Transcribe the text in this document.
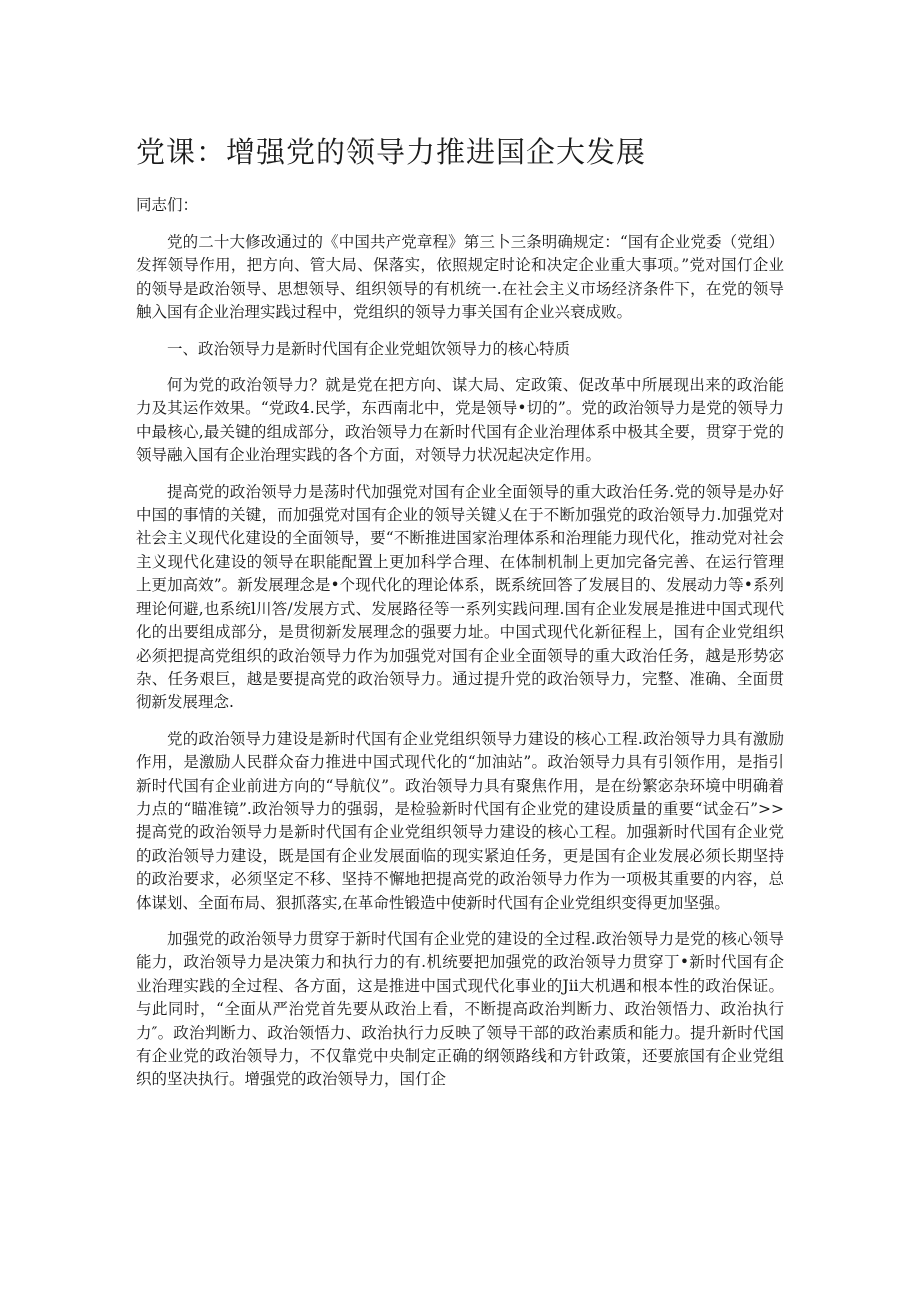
党课：增强党的领导力推进国企大发展

同志们：

党的二十大修改通过的《中国共产党章程》第三卜三条明确规定：“国有企业党委（党组）发挥领导作用，把方向、管大局、保落实，依照规定时论和决定企业重大事项。”党对国仃企业的领导是政治领导、思想领导、组织领导的有机统一.在社会主义市场经济条件下，在党的领导触入国有企业治理实践过程中，党组织的领导力事关国有企业兴衰成败。

一、政治领导力是新时代国有企业党蛆饮领导力的核心特质

何为党的政治领导力？就是党在把方向、谋大局、定政策、促改革中所展现出来的政治能力及其运作效果。“党政4.民学，东西南北中，党是领导•切的”。党的政治领导力是党的领导力中最核心,最关键的组成部分，政治领导力在新时代国有企业治理体系中极其全要，贯穿于党的领导融入国有企业治理实践的各个方面，对领导力状况起决定作用。

提高党的政治领导力是荡时代加强党对国有企业全面领导的重大政治任务.党的领导是办好中国的事情的关键，而加强党对国有企业的领导关键乂在于不断加强党的政治领导力.加强党对社会主义现代化建设的全面领导，要“不断推进国家治理体系和治理能力现代化，推动党对社会主义现代化建设的领导在职能配置上更加科学合理、在体制机制上更加完备完善、在运行管理上更加高效”。新发展理念是•个现代化的理论体系，既系统回答了发展目的、发展动力等•系列理论何避,也系统l川答/发展方式、发展路径等一系列实践问理.国有企业发展是推进中国式现代化的出要组成部分，是贯彻新发展理念的强要力址。中国式现代化新征程上，国有企业党组织必须把提高党组织的政治领导力作为加强党对国有企业全面领导的重大政治任务，越是形势宓杂、任务艰巨，越是要提高党的政治领导力。通过提升党的政治领导力，完整、准确、全面贯彻新发展理念.

党的政治领导力建设是新时代国有企业党组织领导力建设的核心工程.政治领导力具有激励作用，是激励人民群众奋力推进中国式现代化的“加油站”。政治领导力具有引领作用，是指引新时代国有企业前进方向的“导航仪”。政治领导力具有聚焦作用，是在纷繁宓杂环境中明确着力点的“瞄准镜”.政治领导力的强弱，是检验新时代国有企业党的建设质量的重要“试金石”>>提高党的政治领导力是新时代国有企业党组织领导力建设的核心工程。加强新时代国有企业党的政治领导力建设，既是国有企业发展面临的现实紧迫任务，更是国有企业发展必须长期坚持的政治要求，必须坚定不移、坚持不懈地把提高党的政治领导力作为一项极其重要的内容，总体谋划、全面布局、狠抓落实,在革命性锻造中使新时代国有企业党组织变得更加坚强。

加强党的政治领导力贯穿于新时代国有企业党的建设的全过程.政治领导力是党的核心领导能力，政治领导力是决策力和执行力的有.机统要把加强党的政治领导力贯穿丁•新时代国有企业治理实践的全过程、各方面，这是推进中国式现代化事业的Jii大机遇和根本性的政治保证。与此同时，“全面从严治党首先要从政治上看，不断提高政治判断力、政治领悟力、政治执行力″。政治判断力、政治领悟力、政治执行力反映了领导干部的政治素质和能力。提升新时代国有企业党的政治领导力，不仅靠党中央制定正确的纲领路线和方针政策，还要旅国有企业党组织的坚决执行。增强党的政治领导力，国仃企
